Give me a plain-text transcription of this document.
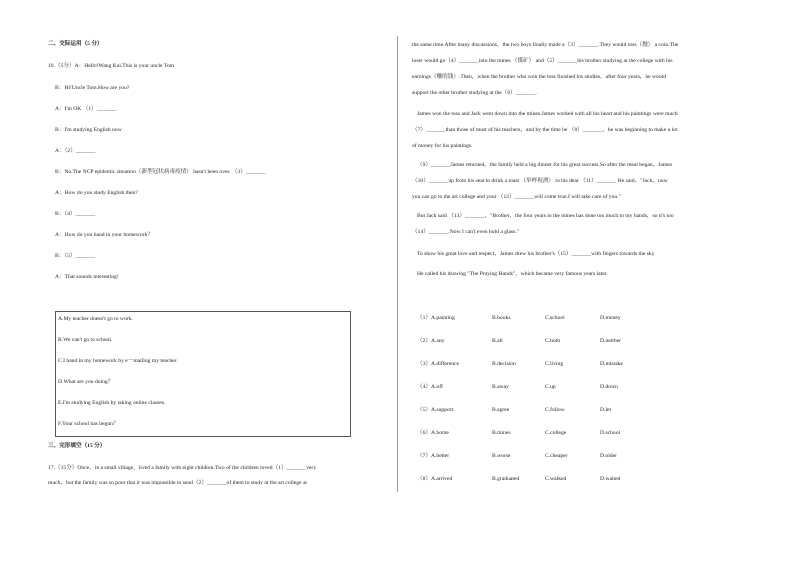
二、交际运用（5 分）
16.（5分）A：Hello!Wang Kai.This is your uncle Tom
B：Hi!Uncle Tom.How are you?
A：I'm OK （1）_______
B：I'm studying English now
A：（2）_______
B：No.The NCP epidemic situation（新型冠状病毒疫情） hasn't been over. （3）_______
A：How do you study English then?
B：（4）_______
A：How do you hand in your homework？
B：（5）_______
A：That sounds interesting!
A.My teacher doesn't go to work.
B.We can't go to school.
C.I hand in my homework by e－mailing my teacher.
D.What are you doing？
E.I'm studying English by taking online classes.
F.Your school has begun？
三、完形填空（15 分）
17.（15分）Once，in a small village，lived a family with eight children.Two of the children loved（1）_______very
much，but the family was so poor that it was impossible to send（2）_______of them to study at the art college at
the same time.After many discussions，the two boys finally made a（3）_______.They would toss（抛） a coin.The
loser would go（4）_______into the mines （煤矿） and（5）_______his brother studying at the college with his
earnings（赚的钱）.Then，when the brother who won the toss finished his studies，after four years，he would
support the other brother studying at the（6）_______.
James won the toss and Jack went down into the mines.James worked with all his heart and his paintings were much
（7）_______than those of most of his teachers，and by the time he （8）_______，he was beginning to make a lot
of money for his paintings.
（9）_______James returned，the family held a big dinner for his great success.So after the meal began，James
（10）_______up from his seat to drink a toast （举杯祝酒） to his dear （11）_______ He said，"Jack，now
you can go to the art college and your （12）_______will come true.I will take care of you."
But Jack said （13）_______，"Brother，the four years in the mines has done too much to my hands，so it's too
（14）_______.Now I can't even hold a glass."
To show his great love and respect，James drew his brother's（15）_______with fingers towards the sky
He called his drawing "The Praying Hands"，which became very famous years later.
（1）A.painting	B.books	C.school	D.money
（2）A.any	B.all	C.both	D.neither
（3）A.difference	B.decision	C.living	D.mistake
（4）A.off	B.away	C.up	D.down
（5）A.support	B.agree	C.follow	D.let
（6）A.home	B.mines	C.college	D.school
（7）A.better	B.worse	C.cheaper	D.older
（8）A.arrived	B.graduated	C.walked	D.waited
